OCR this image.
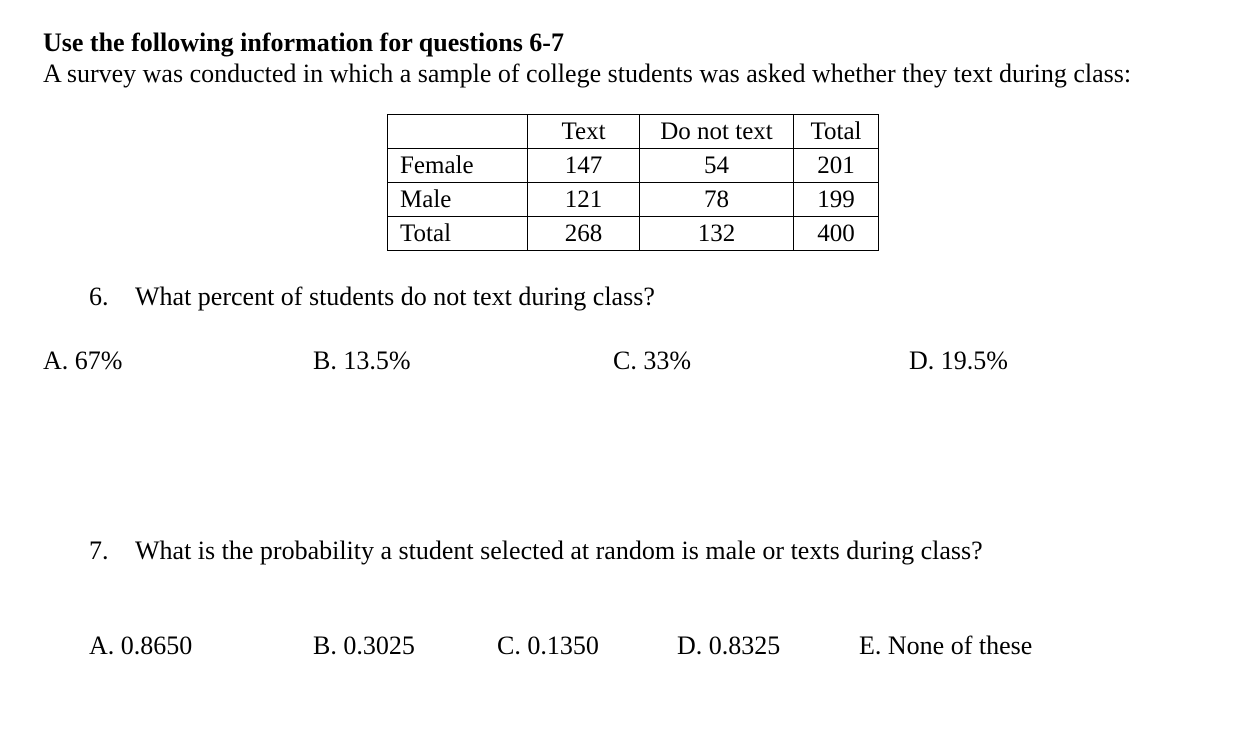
Use the following information for questions 6-7
A survey was conducted in which a sample of college students was asked whether they text during class:
	Text	Do not text	Total
Female	147	54	201
Male	121	78	199
Total	268	132	400
6. What percent of students do not text during class?
A. 67%	B. 13.5%	C. 33%	D. 19.5%
7. What is the probability a student selected at random is male or texts during class?
A. 0.8650	B. 0.3025	C. 0.1350	D. 0.8325	E. None of these
